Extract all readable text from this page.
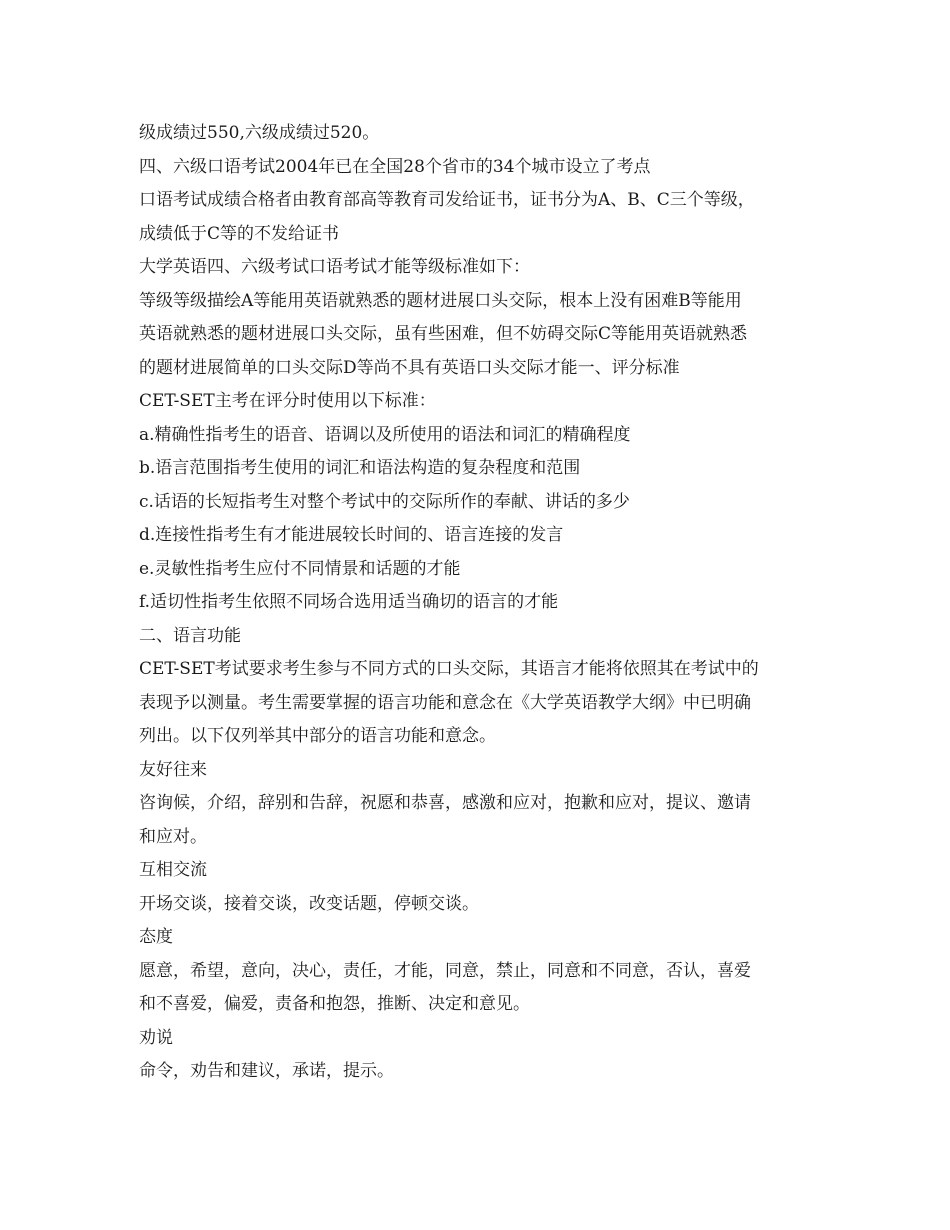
级成绩过550,六级成绩过520。

四、六级口语考试2004年已在全国28个省市的34个城市设立了考点

口语考试成绩合格者由教育部高等教育司发给证书，证书分为A、B、C三个等级，

成绩低于C等的不发给证书

大学英语四、六级考试口语考试才能等级标准如下：

等级等级描绘A等能用英语就熟悉的题材进展口头交际，根本上没有困难B等能用

英语就熟悉的题材进展口头交际，虽有些困难，但不妨碍交际C等能用英语就熟悉

的题材进展简单的口头交际D等尚不具有英语口头交际才能一、评分标准

CET-SET主考在评分时使用以下标准：

a.精确性指考生的语音、语调以及所使用的语法和词汇的精确程度

b.语言范围指考生使用的词汇和语法构造的复杂程度和范围

c.话语的长短指考生对整个考试中的交际所作的奉献、讲话的多少

d.连接性指考生有才能进展较长时间的、语言连接的发言

e.灵敏性指考生应付不同情景和话题的才能

f.适切性指考生依照不同场合选用适当确切的语言的才能

二、语言功能

CET-SET考试要求考生参与不同方式的口头交际，其语言才能将依照其在考试中的

表现予以测量。考生需要掌握的语言功能和意念在《大学英语教学大纲》中已明确

列出。以下仅列举其中部分的语言功能和意念。

友好往来

咨询候，介绍，辞别和告辞，祝愿和恭喜，感激和应对，抱歉和应对，提议、邀请

和应对。

互相交流

开场交谈，接着交谈，改变话题，停顿交谈。

态度

愿意，希望，意向，决心，责任，才能，同意，禁止，同意和不同意，否认，喜爱

和不喜爱，偏爱，责备和抱怨，推断、决定和意见。

劝说

命令，劝告和建议，承诺，提示。
